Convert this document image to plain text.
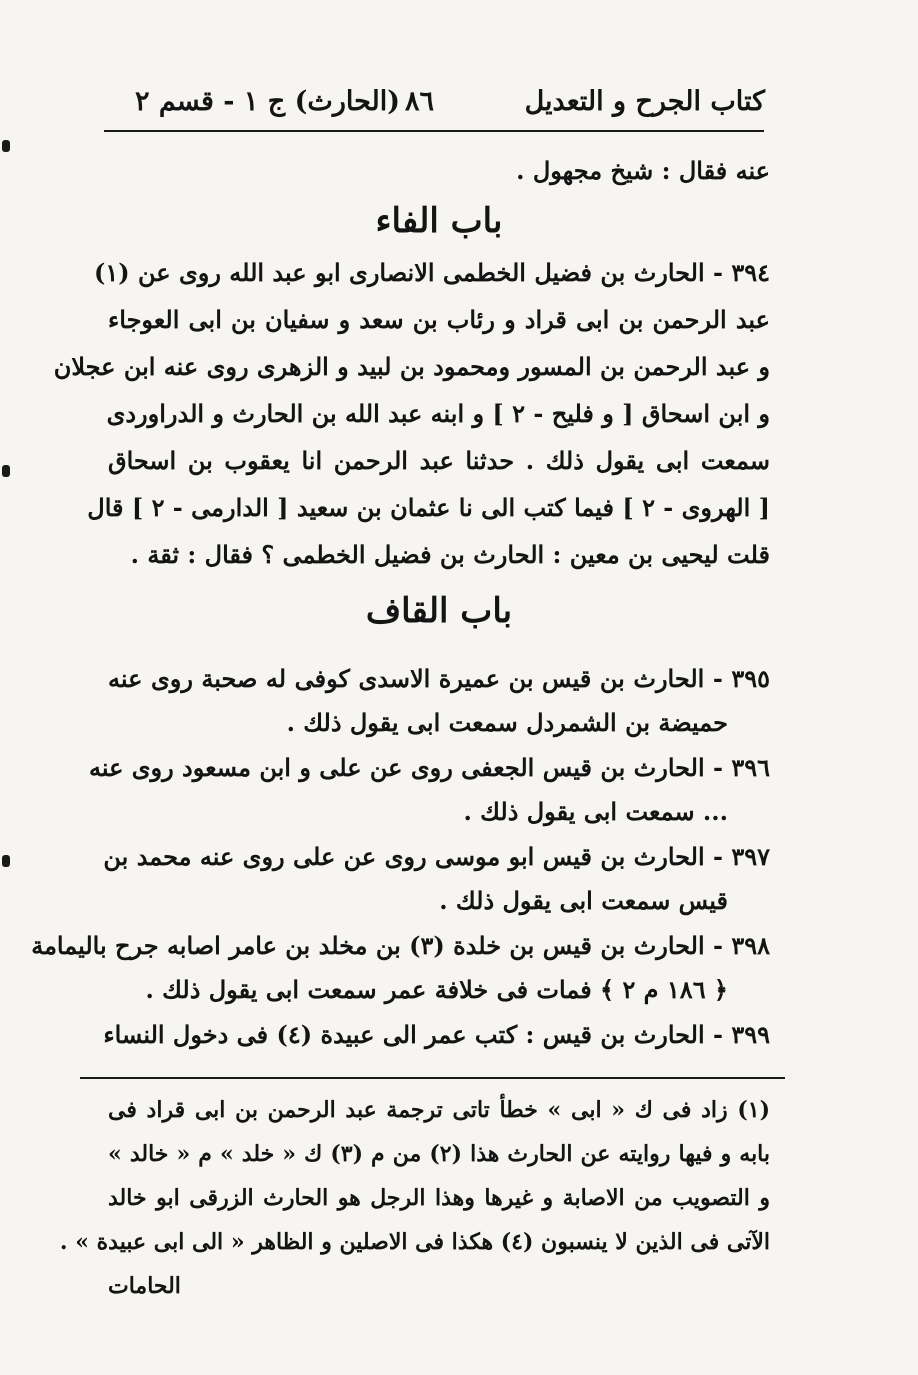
كتاب الجرح و التعديل
٨٦
(الحارث) ج ١ - قسم ٢
عنه فقال : شيخ مجهول .
باب الفاء
٣٩٤ - الحارث بن فضيل الخطمى الانصارى ابو عبد الله روى عن (١)
عبد الرحمن بن ابى قراد و رئاب بن سعد و سفيان بن ابى العوجاء
و عبد الرحمن بن المسور ومحمود بن لبيد و الزهرى روى عنه ابن عجلان
و ابن اسحاق [ و فليح - ٢ ] و ابنه عبد الله بن الحارث و الدراوردى
سمعت ابى يقول ذلك . حدثنا عبد الرحمن انا يعقوب بن اسحاق
[ الهروى - ٢ ] فيما كتب الى نا عثمان بن سعيد [ الدارمى - ٢ ] قال
قلت ليحيى بن معين : الحارث بن فضيل الخطمى ؟ فقال : ثقة .
باب القاف
٣٩٥ - الحارث بن قيس بن عميرة الاسدى كوفى له صحبة روى عنه
حميضة بن الشمردل سمعت ابى يقول ذلك .
٣٩٦ - الحارث بن قيس الجعفى روى عن على و ابن مسعود روى عنه
... سمعت ابى يقول ذلك .
٣٩٧ - الحارث بن قيس ابو موسى روى عن على روى عنه محمد بن
قيس سمعت ابى يقول ذلك .
٣٩٨ - الحارث بن قيس بن خلدة (٣) بن مخلد بن عامر اصابه جرح باليمامة
﴿ ١٨٦ م ٢ ﴾ فمات فى خلافة عمر سمعت ابى يقول ذلك .
٣٩٩ - الحارث بن قيس : كتب عمر الى عبيدة (٤) فى دخول النساء
(١) زاد فى ك « ابى » خطأ تاتى ترجمة عبد الرحمن بن ابى قراد فى
بابه و فيها روايته عن الحارث هذا (٢) من م (٣) ك « خلد » م « خالد »
و التصويب من الاصابة و غيرها وهذا الرجل هو الحارث الزرقى ابو خالد
الآتى فى الذين لا ينسبون (٤) هكذا فى الاصلين و الظاهر « الى ابى عبيدة » .
الحامات
